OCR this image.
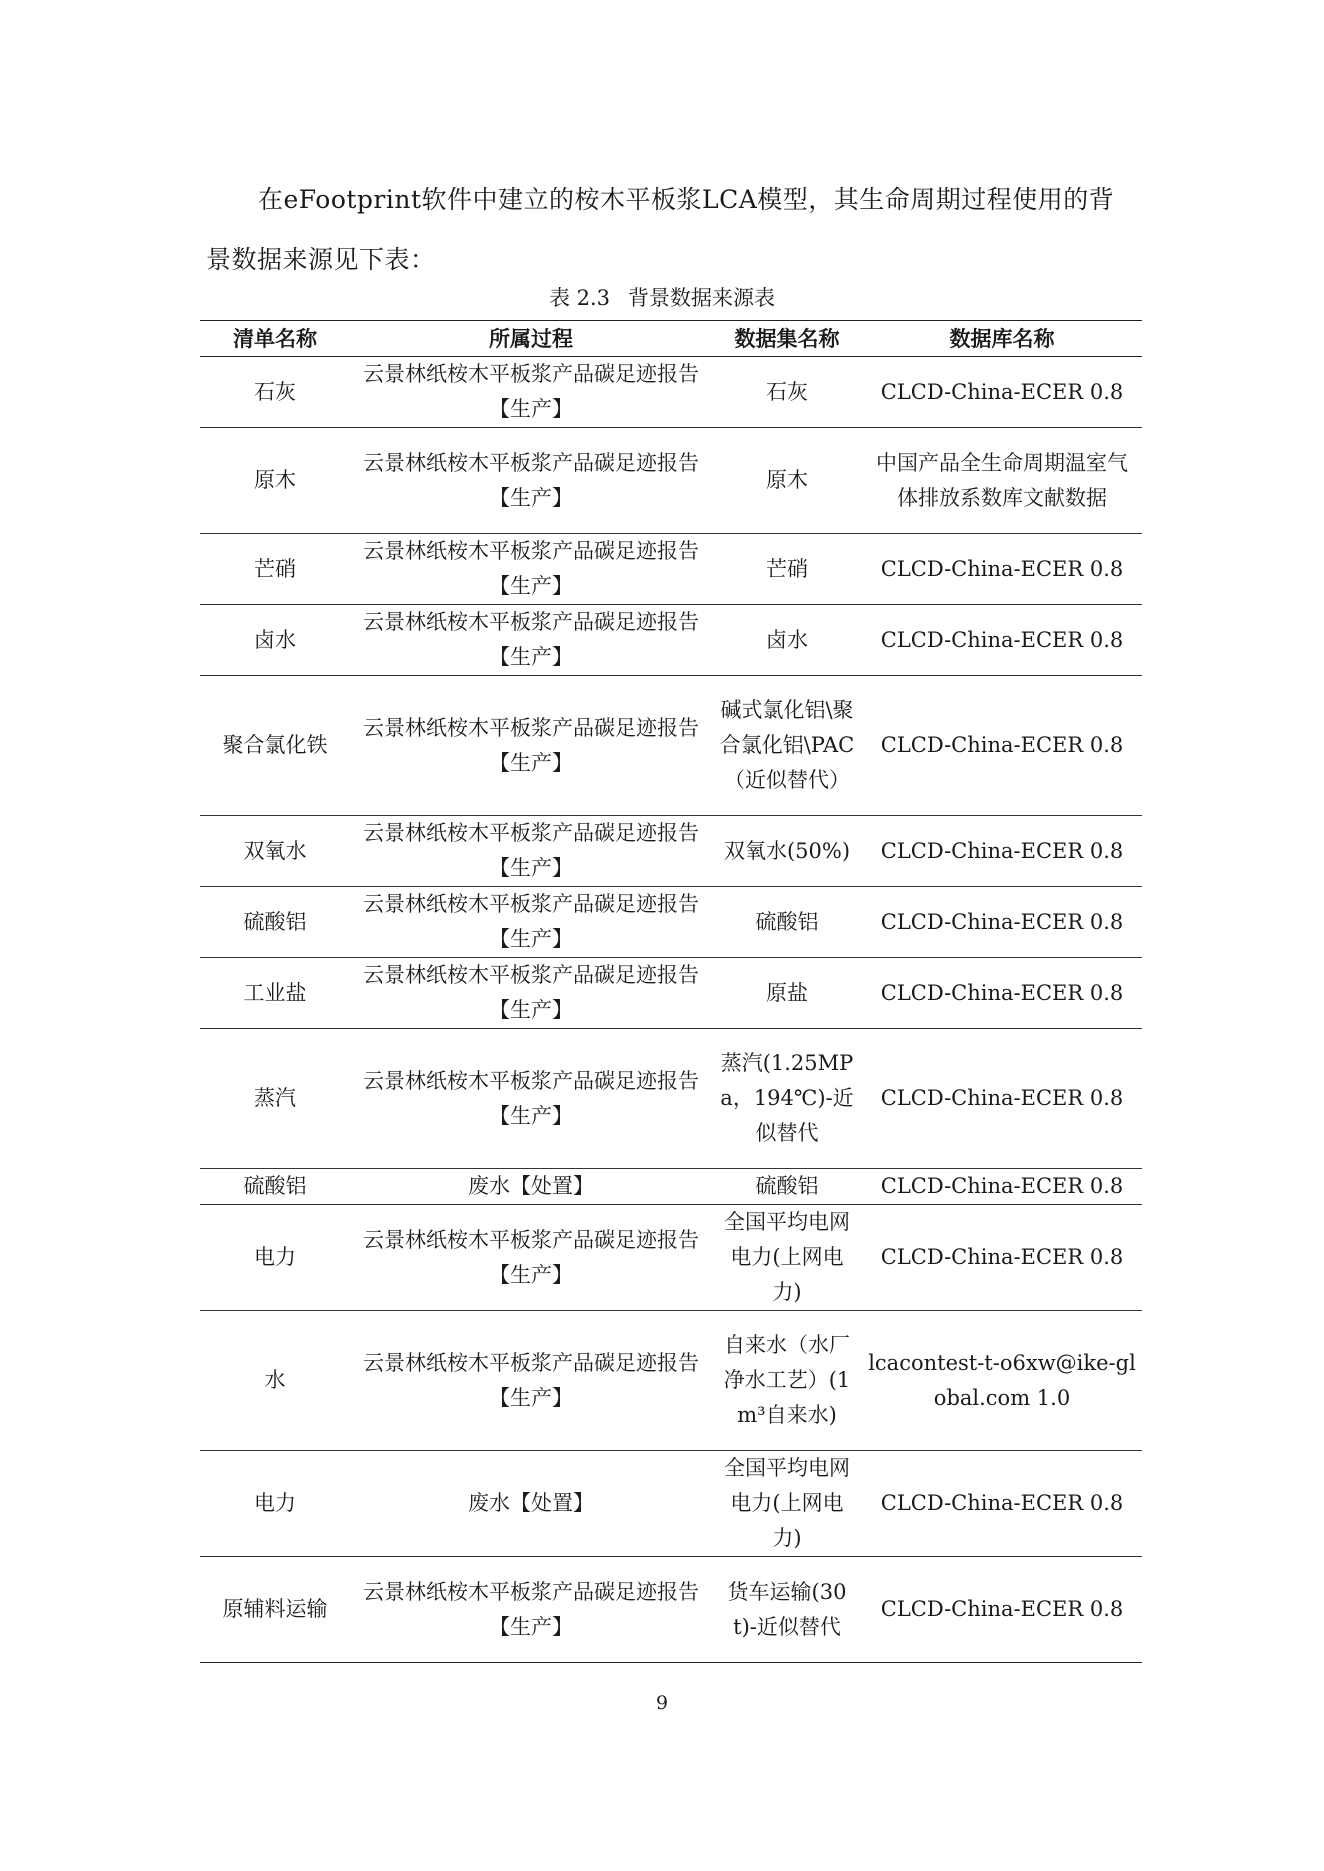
在eFootprint软件中建立的桉木平板浆LCA模型，其生命周期过程使用的背景数据来源见下表：

表 2.3 背景数据来源表

清单名称	所属过程	数据集名称	数据库名称
石灰	云景林纸桉木平板浆产品碳足迹报告【生产】	石灰	CLCD-China-ECER 0.8
原木	云景林纸桉木平板浆产品碳足迹报告【生产】	原木	中国产品全生命周期温室气体排放系数库文献数据
芒硝	云景林纸桉木平板浆产品碳足迹报告【生产】	芒硝	CLCD-China-ECER 0.8
卤水	云景林纸桉木平板浆产品碳足迹报告【生产】	卤水	CLCD-China-ECER 0.8
聚合氯化铁	云景林纸桉木平板浆产品碳足迹报告【生产】	碱式氯化铝\聚合氯化铝\PAC（近似替代）	CLCD-China-ECER 0.8
双氧水	云景林纸桉木平板浆产品碳足迹报告【生产】	双氧水(50%)	CLCD-China-ECER 0.8
硫酸铝	云景林纸桉木平板浆产品碳足迹报告【生产】	硫酸铝	CLCD-China-ECER 0.8
工业盐	云景林纸桉木平板浆产品碳足迹报告【生产】	原盐	CLCD-China-ECER 0.8
蒸汽	云景林纸桉木平板浆产品碳足迹报告【生产】	蒸汽(1.25MPa，194℃)-近似替代	CLCD-China-ECER 0.8
硫酸铝	废水【处置】	硫酸铝	CLCD-China-ECER 0.8
电力	云景林纸桉木平板浆产品碳足迹报告【生产】	全国平均电网电力(上网电力)	CLCD-China-ECER 0.8
水	云景林纸桉木平板浆产品碳足迹报告【生产】	自来水（水厂净水工艺）(1m³自来水)	lcacontest-t-o6xw@ike-global.com 1.0
电力	废水【处置】	全国平均电网电力(上网电力)	CLCD-China-ECER 0.8
原辅料运输	云景林纸桉木平板浆产品碳足迹报告【生产】	货车运输(30 t)-近似替代	CLCD-China-ECER 0.8

9
